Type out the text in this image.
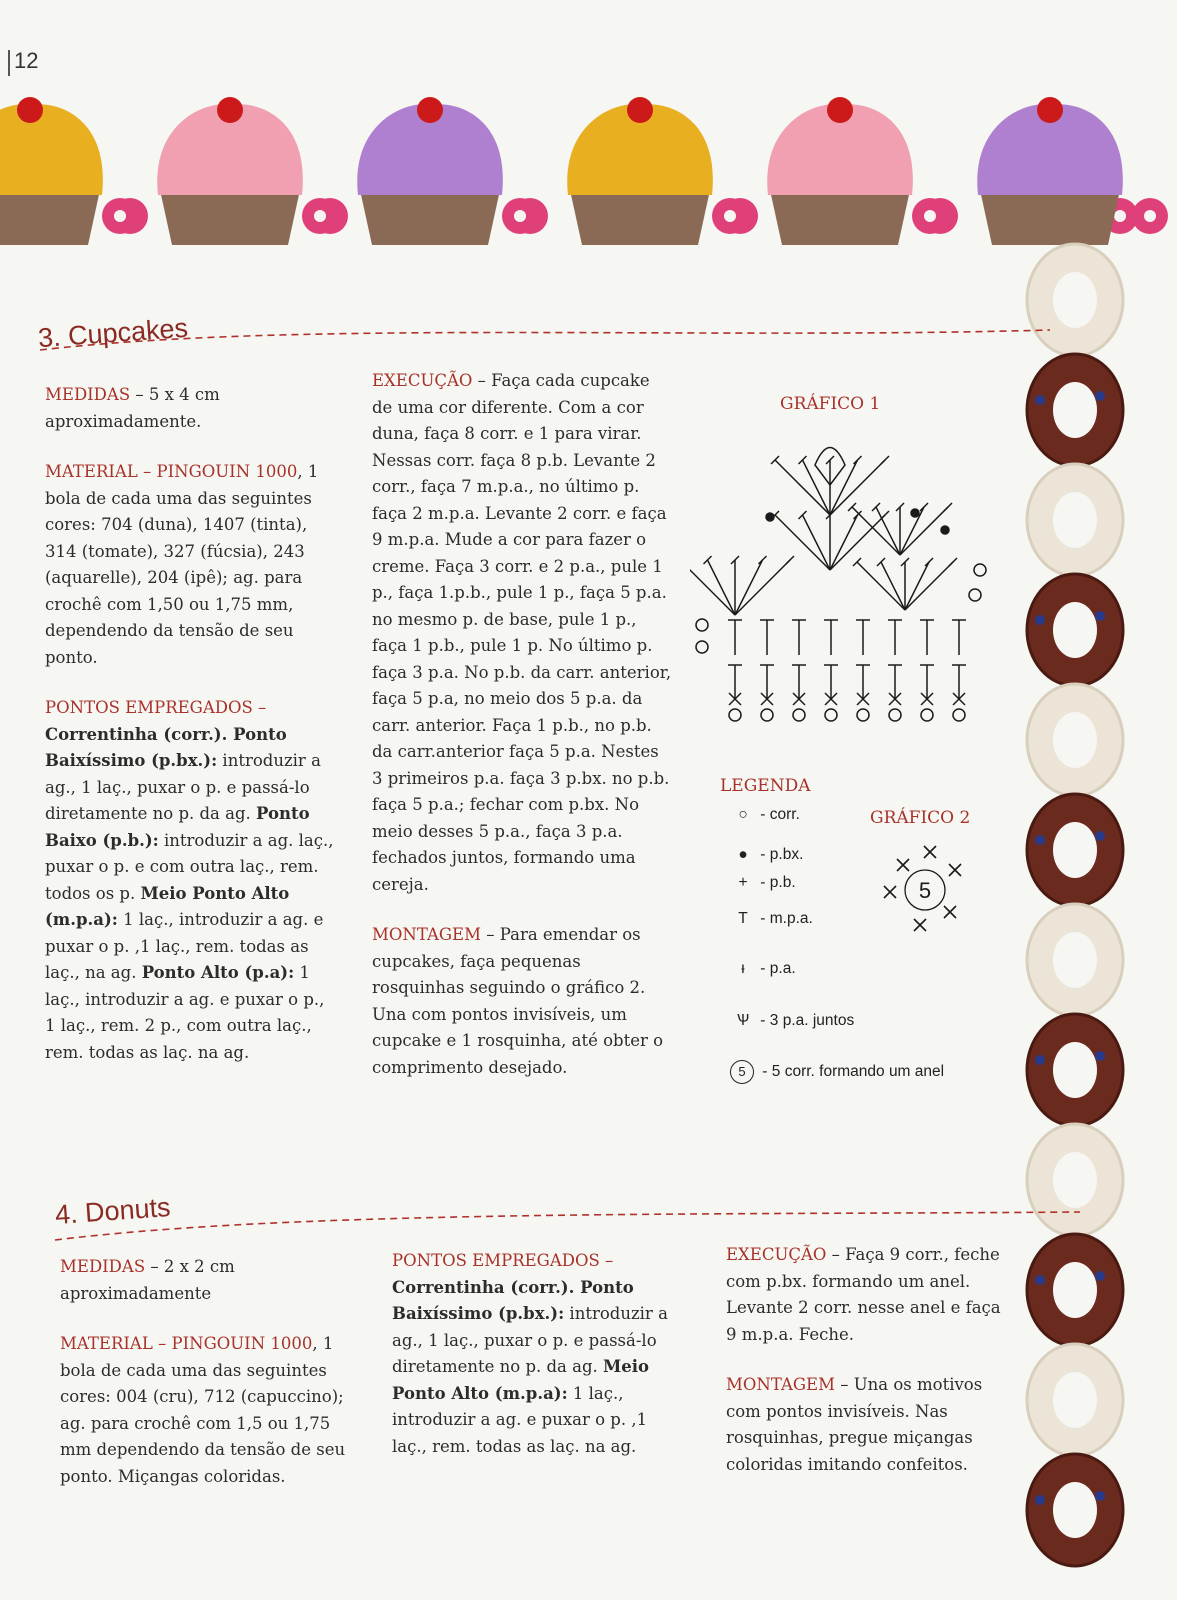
12
3. Cupcakes

MEDIDAS – 5 x 4 cm aproximadamente.

MATERIAL – PINGOUIN 1000, 1 bola de cada uma das seguintes cores: 704 (duna), 1407 (tinta), 314 (tomate), 327 (fúcsia), 243 (aquarelle), 204 (ipê); ag. para crochê com 1,50 ou 1,75 mm, dependendo da tensão de seu ponto.

PONTOS EMPREGADOS –
Correntinha (corr.). Ponto Baixíssimo (p.bx.): introduzir a ag., 1 laç., puxar o p. e passá-lo diretamente no p. da ag. Ponto Baixo (p.b.): introduzir a ag. laç., puxar o p. e com outra laç., rem. todos os p. Meio Ponto Alto (m.p.a): 1 laç., introduzir a ag. e puxar o p. ,1 laç., rem. todas as laç., na ag. Ponto Alto (p.a): 1 laç., introduzir a ag. e puxar o p., 1 laç., rem. 2 p., com outra laç., rem. todas as laç. na ag.

EXECUÇÃO – Faça cada cupcake de uma cor diferente. Com a cor duna, faça 8 corr. e 1 para virar. Nessas corr. faça 8 p.b. Levante 2 corr., faça 7 m.p.a., no último p. faça 2 m.p.a. Levante 2 corr. e faça 9 m.p.a. Mude a cor para fazer o creme. Faça 3 corr. e 2 p.a., pule 1 p., faça 1.p.b., pule 1 p., faça 5 p.a. no mesmo p. de base, pule 1 p., faça 1 p.b., pule 1 p. No último p. faça 3 p.a. No p.b. da carr. anterior, faça 5 p.a, no meio dos 5 p.a. da carr. anterior. Faça 1 p.b., no p.b. da carr.anterior faça 5 p.a. Nestes 3 primeiros p.a. faça 3 p.bx. no p.b. faça 5 p.a.; fechar com p.bx. No meio desses 5 p.a., faça 3 p.a. fechados juntos, formando uma cereja.

MONTAGEM – Para emendar os cupcakes, faça pequenas rosquinhas seguindo o gráfico 2. Una com pontos invisíveis, um cupcake e 1 rosquinha, até obter o comprimento desejado.

GRÁFICO 1
LEGENDA
○ - corr.
● - p.bx.
+ - p.b.
T - m.p.a.
ᵻ - p.a.
Ѱ - 3 p.a. juntos
5 - 5 corr. formando um anel
GRÁFICO 2
5
4. Donuts

MEDIDAS – 2 x 2 cm aproximadamente

MATERIAL – PINGOUIN 1000, 1 bola de cada uma das seguintes cores: 004 (cru), 712 (capuccino); ag. para crochê com 1,5 ou 1,75 mm dependendo da tensão de seu ponto. Miçangas coloridas.

PONTOS EMPREGADOS –
Correntinha (corr.). Ponto Baixíssimo (p.bx.): introduzir a ag., 1 laç., puxar o p. e passá-lo diretamente no p. da ag. Meio Ponto Alto (m.p.a): 1 laç., introduzir a ag. e puxar o p. ,1 laç., rem. todas as laç. na ag.

EXECUÇÃO – Faça 9 corr., feche com p.bx. formando um anel. Levante 2 corr. nesse anel e faça 9 m.p.a. Feche.

MONTAGEM – Una os motivos com pontos invisíveis. Nas rosquinhas, pregue miçangas coloridas imitando confeitos.
